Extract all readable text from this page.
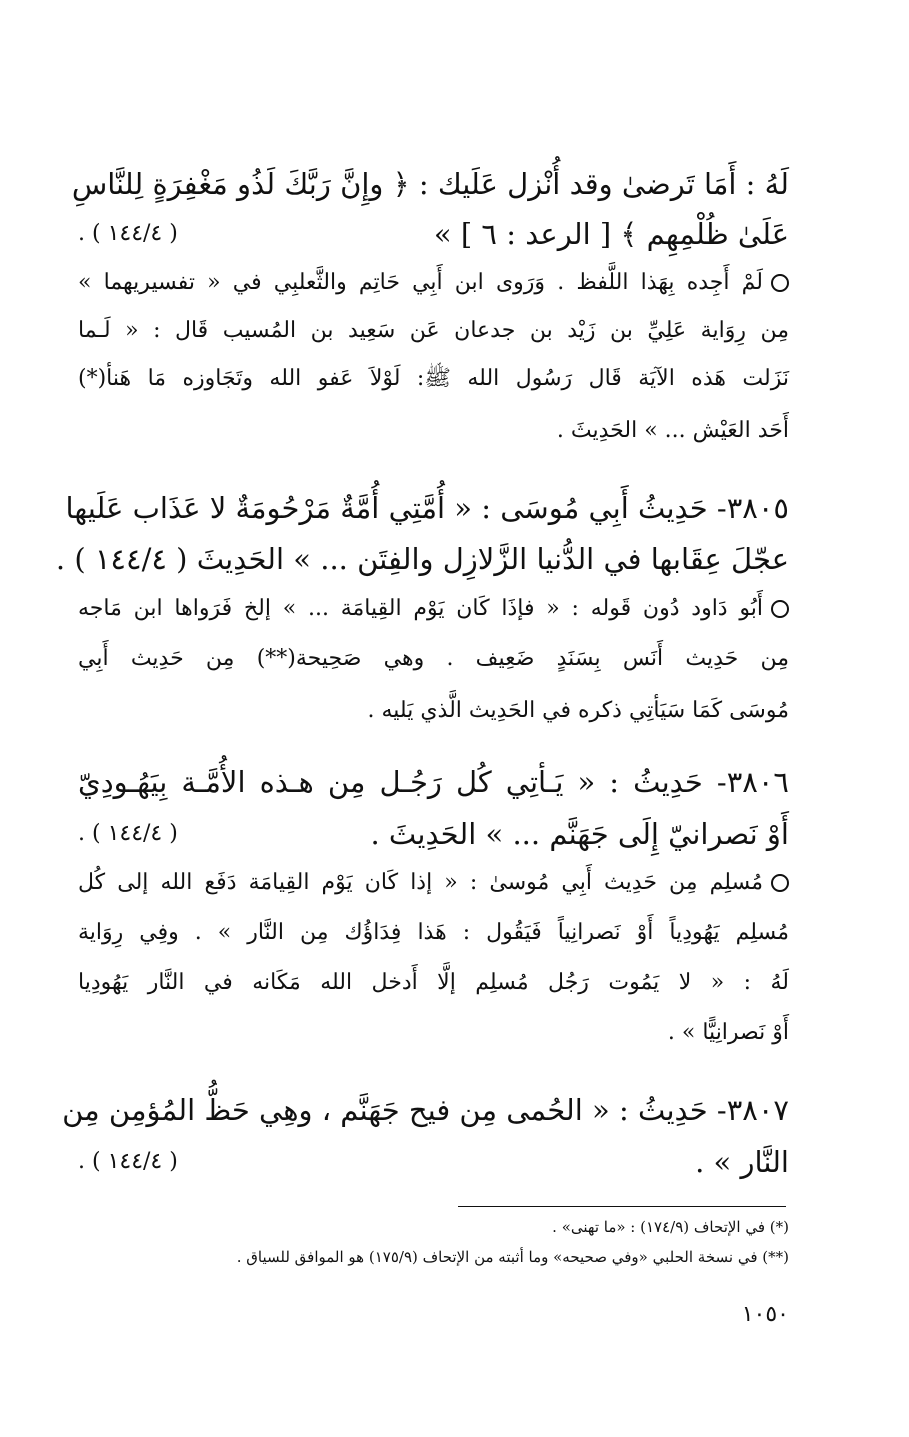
لَهُ : أَمَا تَرضىٰ وقد أُنْزل عَلَيك : ﴿ وإِنَّ رَبَّكَ لَذُو مَغْفِرَةٍ لِلنَّاسِ
عَلَىٰ ظُلْمِهِم ﴾ [ الرعد : ٦ ] »
. ( ١٤٤/٤ )
لَمْ أَجِده بِهَذا اللَّفظ . وَرَوى ابن أَبِي حَاتِم والثَّعلبِي في « تفسيريهما »
مِن رِوَاية عَلِيِّ بن زَيْد بن جدعان عَن سَعِيد بن المُسيب قَال : « لَـما
نَزَلت هَذه الآيَة قَال رَسُول الله ﷺ: لَوْلاَ عَفو الله وتَجَاوزه مَا هَنأ(*)
أَحَد العَيْش ... » الحَدِيثَ .
٣٨٠٥- حَدِيثُ أَبِي مُوسَى : « أُمَّتِي أُمَّةٌ مَرْحُومَةٌ لا عَذَاب عَلَيها
عجّلَ عِقَابها في الدُّنيا الزَّلازِل والفِتَن ... » الحَدِيثَ ( ١٤٤/٤ ) .
أَبُو دَاود دُون قَوله : « فإذَا كَان يَوْم القِيامَة ... » إلخ فَرَواها ابن مَاجه
مِن حَدِيث أَنَس بِسَنَدٍ ضَعِيف . وهي صَحِيحة(**) مِن حَدِيث أَبِي
مُوسَى كَمَا سَيَأتِي ذكره في الحَدِيث الَّذي يَليه .
٣٨٠٦- حَدِيثُ : « يَـأتِي كُل رَجُـل مِن هـذه الأُمَّـة بِيَهُـودِيّ
أَوْ نَصرانيّ إِلَى جَهَنَّم ... » الحَدِيثَ .
. ( ١٤٤/٤ )
مُسلِم مِن حَدِيث أَبِي مُوسىٰ : « إذا كَان يَوْم القِيامَة دَفَع الله إلى كُل
مُسلِم يَهُودِياً أَوْ نَصرانِياً فَيَقُول : هَذا فِدَاؤُك مِن النَّار » . وفِي رِوَاية
لَهُ : « لا يَمُوت رَجُل مُسلِم إلَّا أَدخل الله مَكَانه في النَّار يَهُودِيا
أَوْ نَصرانِيًّا » .
٣٨٠٧- حَدِيثُ : « الحُمى مِن فيح جَهَنَّم ، وهِي حَظُّ المُؤمِن مِن
النَّار » .
. ( ١٤٤/٤ )
(*) في الإتحاف (١٧٤/٩) : «ما تهنى» .
(**) في نسخة الحلبي «وفي صحيحه» وما أثبته من الإتحاف (١٧٥/٩) هو الموافق للسياق .
١٠٥٠
